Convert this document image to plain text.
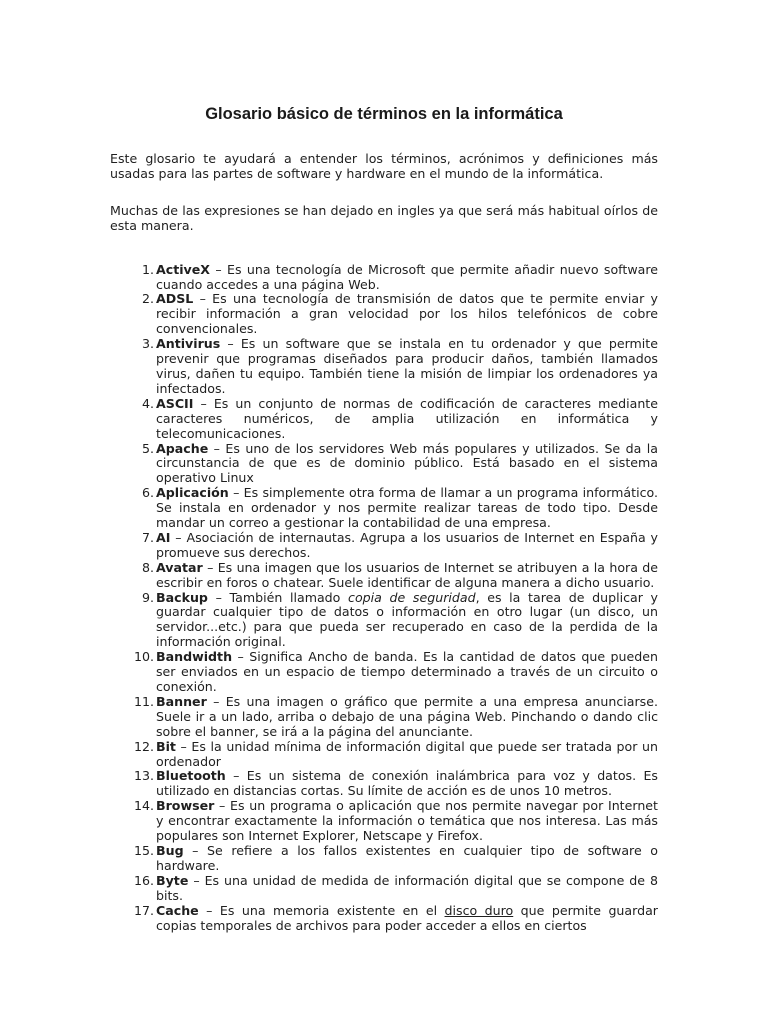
Glosario básico de términos en la informática

Este glosario te ayudará a entender los términos, acrónimos y definiciones más usadas para las partes de software y hardware en el mundo de la informática.

Muchas de las expresiones se han dejado en ingles ya que será más habitual oírlos de esta manera.

1. ActiveX – Es una tecnología de Microsoft que permite añadir nuevo software cuando accedes a una página Web.
2. ADSL – Es una tecnología de transmisión de datos que te permite enviar y recibir información a gran velocidad por los hilos telefónicos de cobre convencionales.
3. Antivirus – Es un software que se instala en tu ordenador y que permite prevenir que programas diseñados para producir daños, también llamados virus, dañen tu equipo. También tiene la misión de limpiar los ordenadores ya infectados.
4. ASCII – Es un conjunto de normas de codificación de caracteres mediante caracteres numéricos, de amplia utilización en informática y telecomunicaciones.
5. Apache – Es uno de los servidores Web más populares y utilizados. Se da la circunstancia de que es de dominio público. Está basado en el sistema operativo Linux
6. Aplicación – Es simplemente otra forma de llamar a un programa informático. Se instala en ordenador y nos permite realizar tareas de todo tipo. Desde mandar un correo a gestionar la contabilidad de una empresa.
7. AI – Asociación de internautas. Agrupa a los usuarios de Internet en España y promueve sus derechos.
8. Avatar – Es una imagen que los usuarios de Internet se atribuyen a la hora de escribir en foros o chatear. Suele identificar de alguna manera a dicho usuario.
9. Backup – También llamado copia de seguridad, es la tarea de duplicar y guardar cualquier tipo de datos o información en otro lugar (un disco, un servidor...etc.) para que pueda ser recuperado en caso de la perdida de la información original.
10. Bandwidth – Significa Ancho de banda. Es la cantidad de datos que pueden ser enviados en un espacio de tiempo determinado a través de un circuito o conexión.
11. Banner – Es una imagen o gráfico que permite a una empresa anunciarse. Suele ir a un lado, arriba o debajo de una página Web. Pinchando o dando clic sobre el banner, se irá a la página del anunciante.
12. Bit – Es la unidad mínima de información digital que puede ser tratada por un ordenador
13. Bluetooth – Es un sistema de conexión inalámbrica para voz y datos. Es utilizado en distancias cortas. Su límite de acción es de unos 10 metros.
14. Browser – Es un programa o aplicación que nos permite navegar por Internet y encontrar exactamente la información o temática que nos interesa. Las más populares son Internet Explorer, Netscape y Firefox.
15. Bug – Se refiere a los fallos existentes en cualquier tipo de software o hardware.
16. Byte – Es una unidad de medida de información digital que se compone de 8 bits.
17. Cache – Es una memoria existente en el disco duro que permite guardar copias temporales de archivos para poder acceder a ellos en ciertos
